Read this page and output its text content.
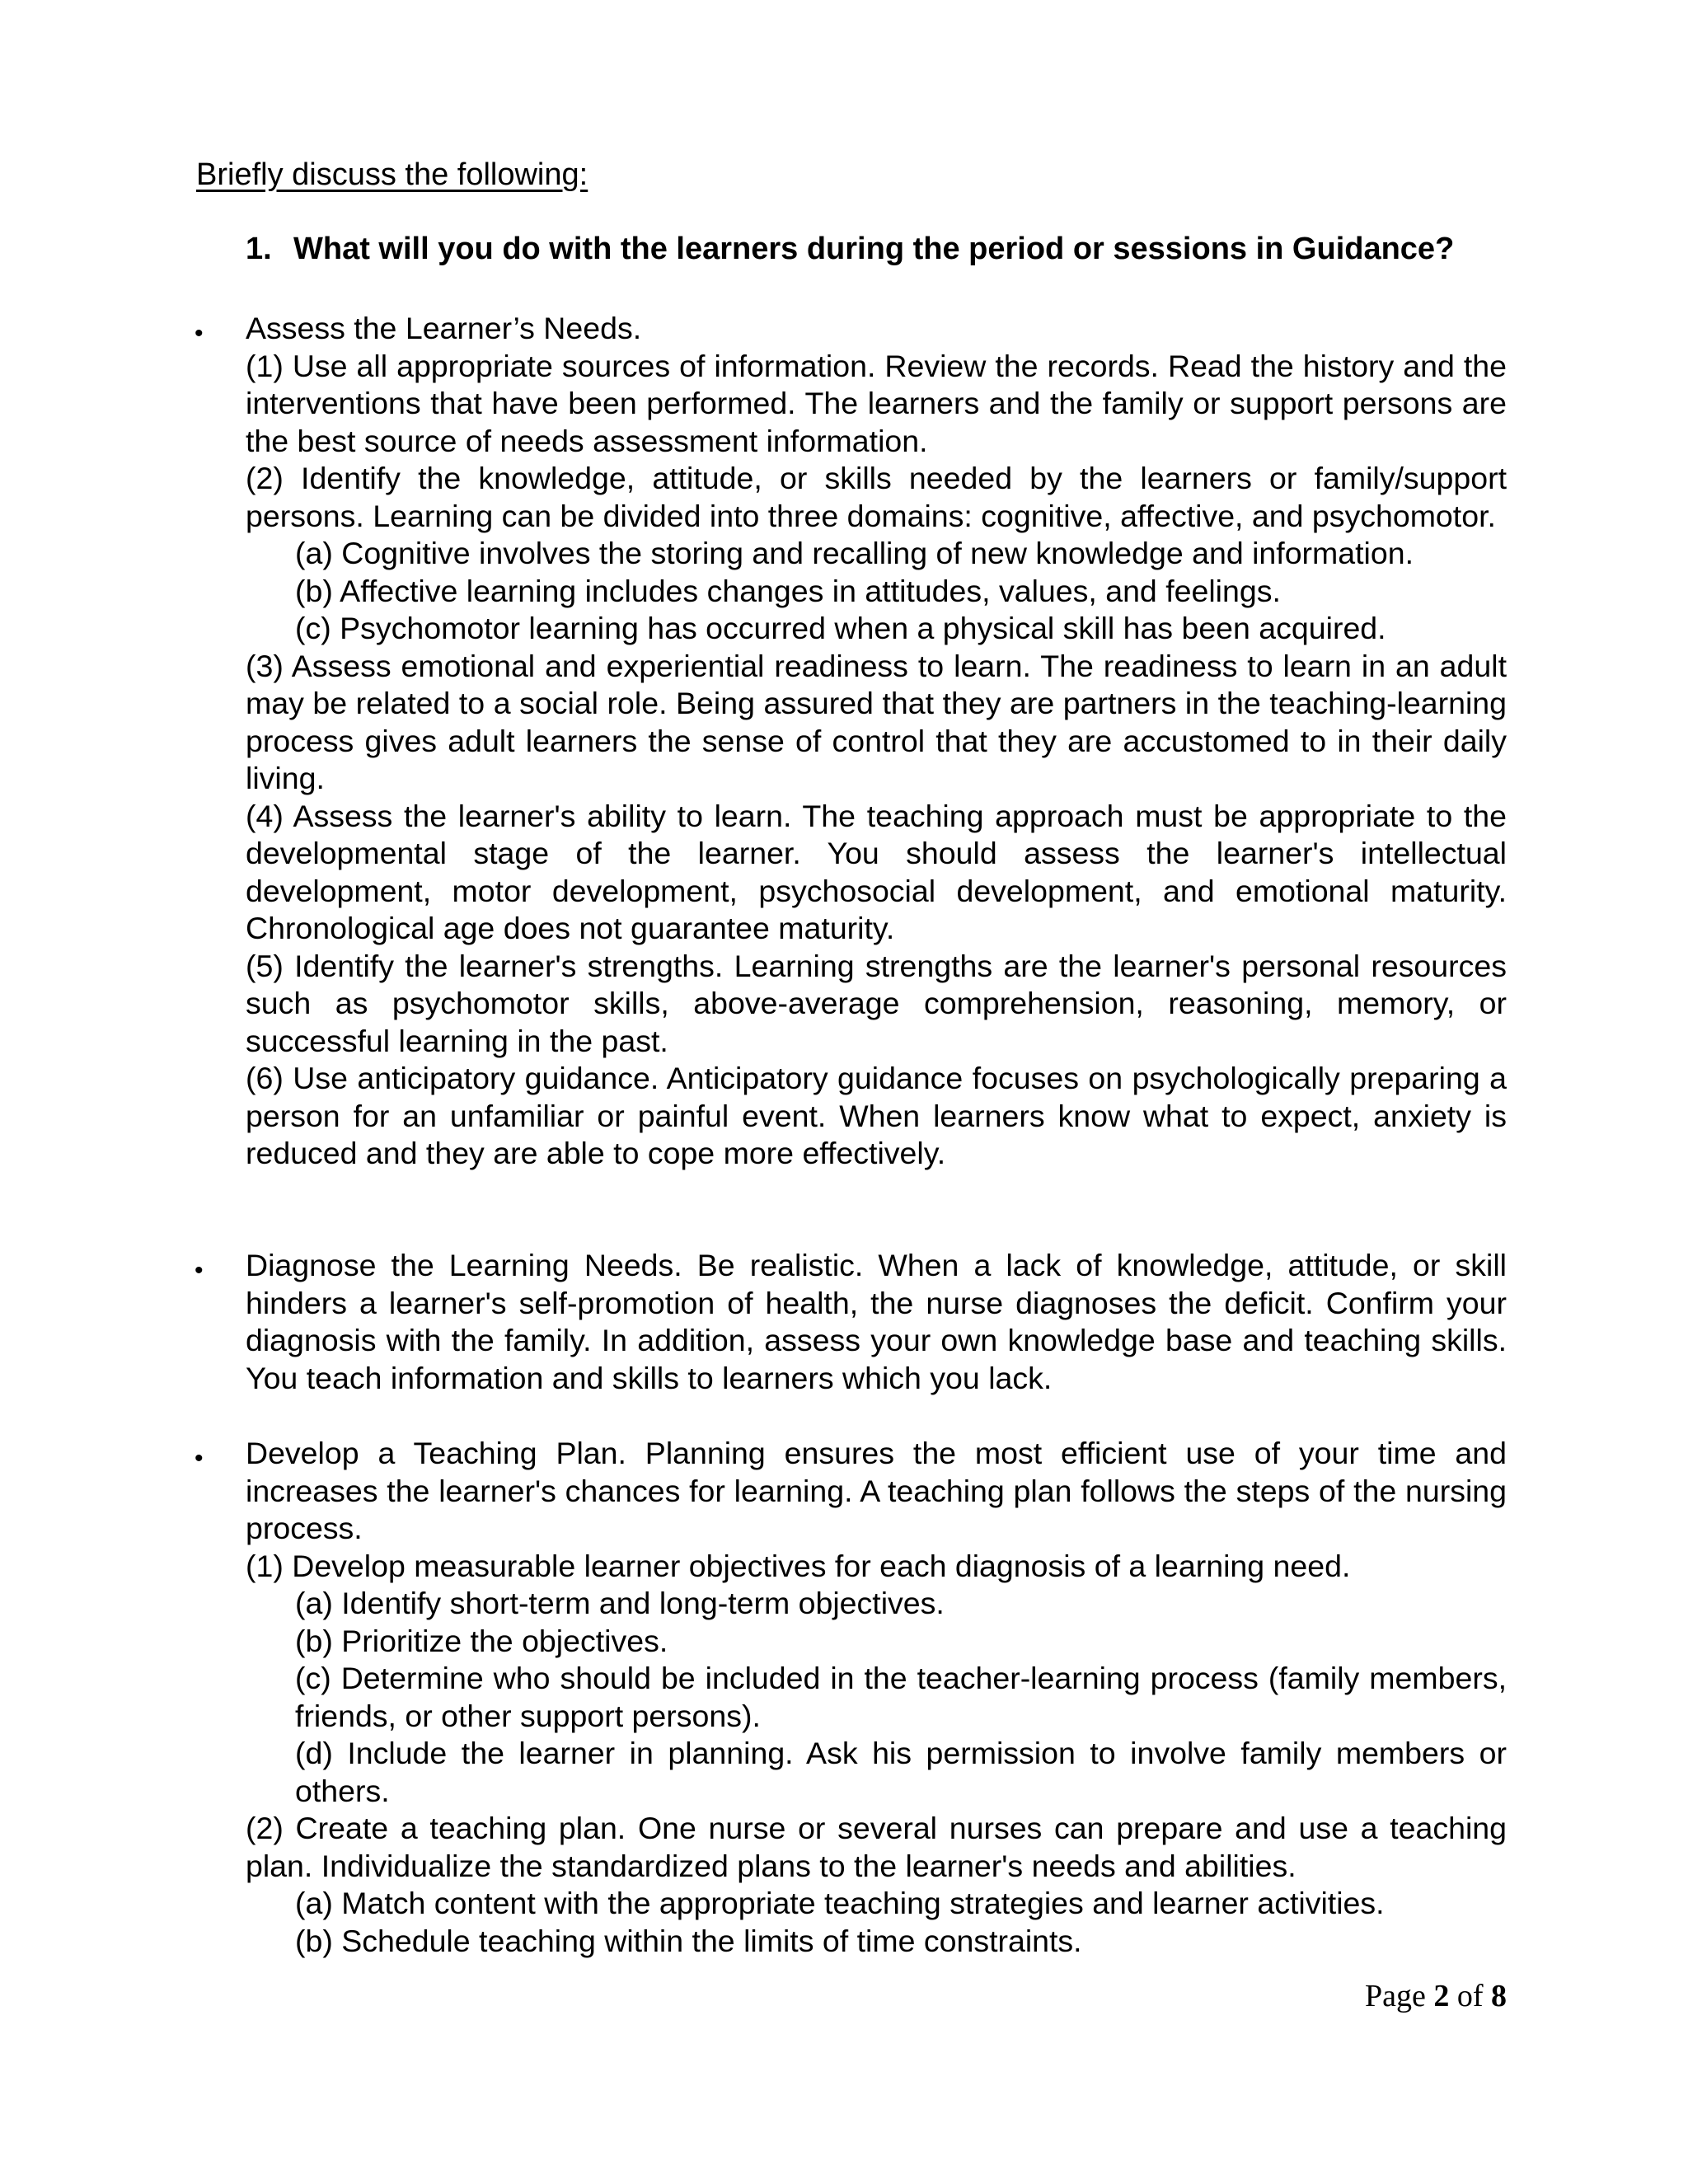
Briefly discuss the following:
1. What will you do with the learners during the period or sessions in Guidance?
• Assess the Learner’s Needs.

(1) Use all appropriate sources of information. Review the records. Read the history and the interventions that have been performed. The learners and the family or support persons are the best source of needs assessment information.

(2) Identify the knowledge, attitude, or skills needed by the learners or family/support persons. Learning can be divided into three domains: cognitive, affective, and psychomotor.

(a) Cognitive involves the storing and recalling of new knowledge and information.

(b) Affective learning includes changes in attitudes, values, and feelings.

(c) Psychomotor learning has occurred when a physical skill has been acquired.

(3) Assess emotional and experiential readiness to learn. The readiness to learn in an adult may be related to a social role. Being assured that they are partners in the teaching-learning process gives adult learners the sense of control that they are accustomed to in their daily living.

(4) Assess the learner's ability to learn. The teaching approach must be appropriate to the developmental stage of the learner. You should assess the learner's intellectual development, motor development, psychosocial development, and emotional maturity. Chronological age does not guarantee maturity.

(5) Identify the learner's strengths. Learning strengths are the learner's personal resources such as psychomotor skills, above-average comprehension, reasoning, memory, or successful learning in the past.

(6) Use anticipatory guidance. Anticipatory guidance focuses on psychologically preparing a person for an unfamiliar or painful event. When learners know what to expect, anxiety is reduced and they are able to cope more effectively.

• Diagnose the Learning Needs. Be realistic. When a lack of knowledge, attitude, or skill hinders a learner's self-promotion of health, the nurse diagnoses the deficit. Confirm your diagnosis with the family. In addition, assess your own knowledge base and teaching skills. You teach information and skills to learners which you lack.

• Develop a Teaching Plan. Planning ensures the most efficient use of your time and increases the learner's chances for learning. A teaching plan follows the steps of the nursing process.

(1) Develop measurable learner objectives for each diagnosis of a learning need.

(a) Identify short-term and long-term objectives.

(b) Prioritize the objectives.

(c) Determine who should be included in the teacher-learning process (family members, friends, or other support persons).

(d) Include the learner in planning. Ask his permission to involve family members or others.

(2) Create a teaching plan. One nurse or several nurses can prepare and use a teaching plan. Individualize the standardized plans to the learner's needs and abilities.

(a) Match content with the appropriate teaching strategies and learner activities.

(b) Schedule teaching within the limits of time constraints.

Page 2 of 8
